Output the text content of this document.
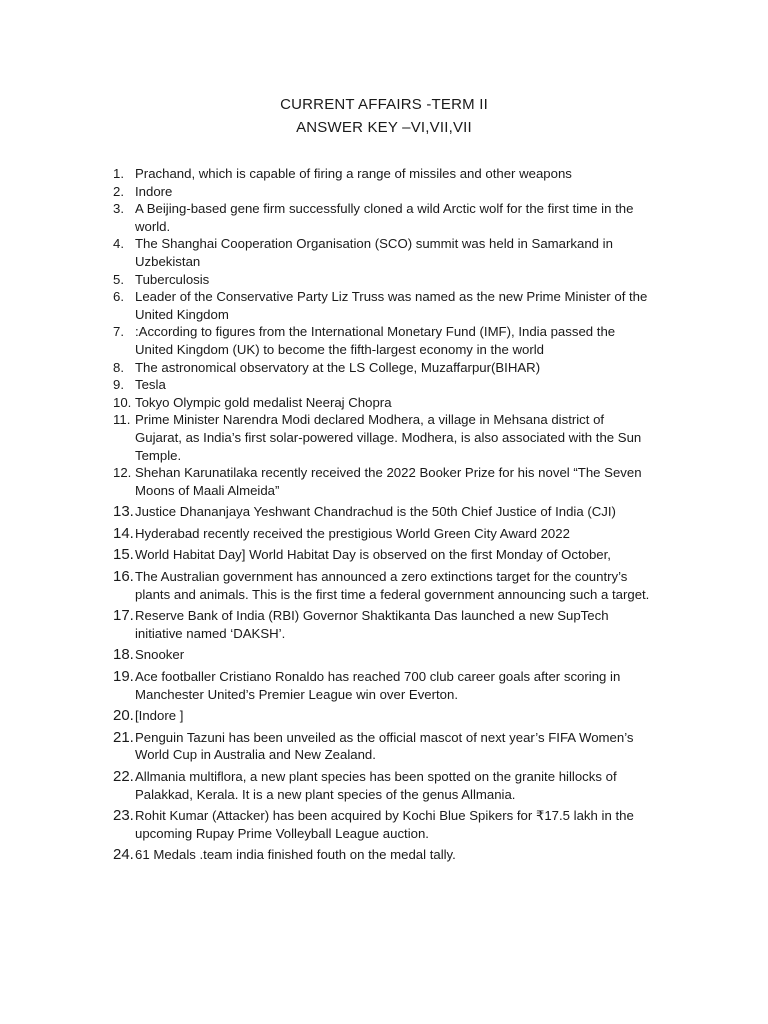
CURRENT AFFAIRS -TERM II
ANSWER KEY –VI,VII,VII
1. Prachand, which is capable of firing a range of missiles and other weapons
2. Indore
3. A Beijing-based gene firm successfully cloned a wild Arctic wolf for the first time in the
world.
4. The Shanghai Cooperation Organisation (SCO) summit was held in Samarkand in
Uzbekistan
5. Tuberculosis
6. Leader of the Conservative Party Liz Truss was named as the new Prime Minister of the
United Kingdom
7. :According to figures from the International Monetary Fund (IMF), India passed the
United Kingdom (UK) to become the fifth-largest economy in the world
8. The astronomical observatory at the LS College, Muzaffarpur(BIHAR)
9. Tesla
10. Tokyo Olympic gold medalist Neeraj Chopra
11. Prime Minister Narendra Modi declared Modhera, a village in Mehsana district of
Gujarat, as India’s first solar-powered village. Modhera, is also associated with the Sun
Temple.
12. Shehan Karunatilaka recently received the 2022 Booker Prize for his novel “The Seven
Moons of Maali Almeida”
13. Justice Dhananjaya Yeshwant Chandrachud is the 50th Chief Justice of India (CJI)
14. Hyderabad recently received the prestigious World Green City Award 2022
15. World Habitat Day] World Habitat Day is observed on the first Monday of October,
16. The Australian government has announced a zero extinctions target for the country’s
plants and animals. This is the first time a federal government announcing such a target.
17. Reserve Bank of India (RBI) Governor Shaktikanta Das launched a new SupTech
initiative named ‘DAKSH’.
18. Snooker
19. Ace footballer Cristiano Ronaldo has reached 700 club career goals after scoring in
Manchester United’s Premier League win over Everton.
20. [Indore ]
21. Penguin Tazuni has been unveiled as the official mascot of next year’s FIFA Women’s
World Cup in Australia and New Zealand.
22. Allmania multiflora, a new plant species has been spotted on the granite hillocks of
Palakkad, Kerala. It is a new plant species of the genus Allmania.
23. Rohit Kumar (Attacker) has been acquired by Kochi Blue Spikers for ₹17.5 lakh in the
upcoming Rupay Prime Volleyball League auction.
24. 61 Medals .team india finished fouth on the medal tally.
